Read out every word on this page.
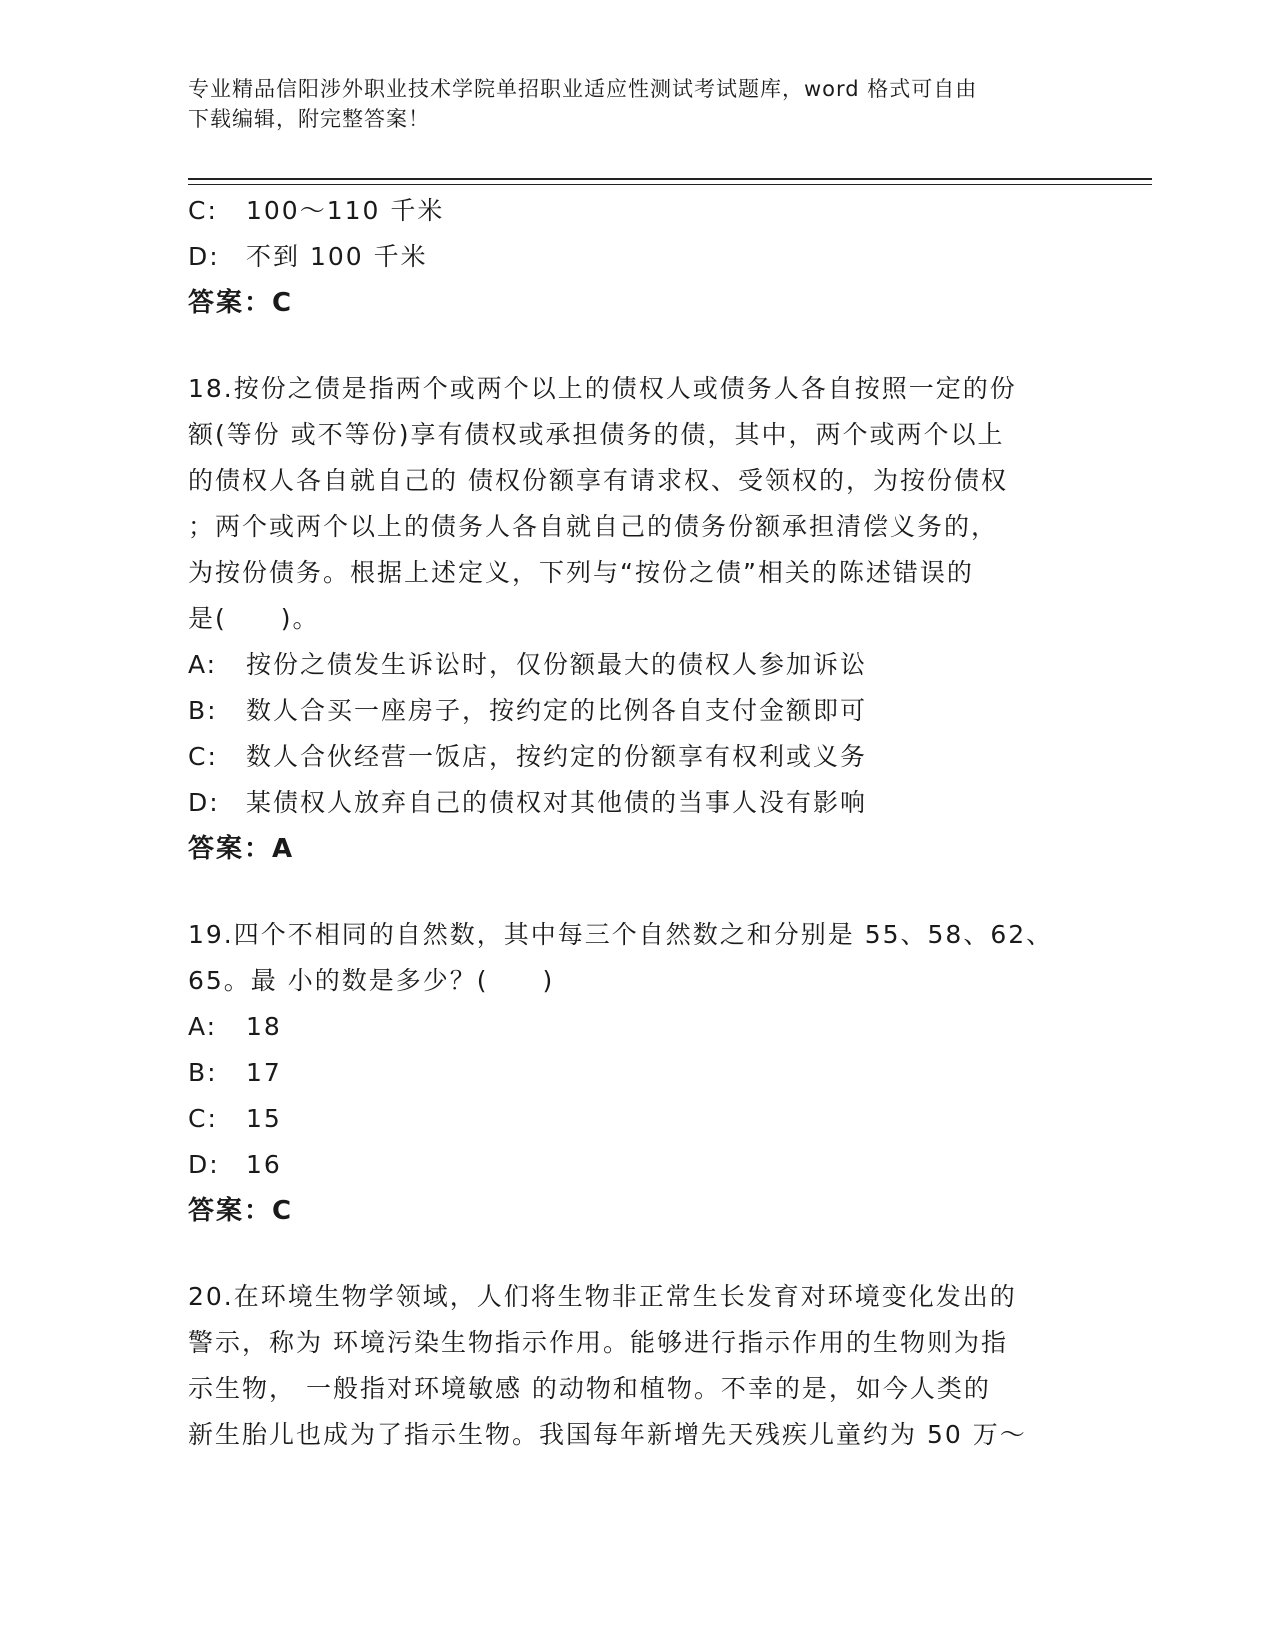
专业精品信阳涉外职业技术学院单招职业适应性测试考试题库，word 格式可自由
下载编辑，附完整答案！
C:	100～110 千米
D:	不到 100 千米
答案：C
18.按份之债是指两个或两个以上的债权人或债务人各自按照一定的份
额(等份 或不等份)享有债权或承担债务的债，其中，两个或两个以上
的债权人各自就自己的 债权份额享有请求权、受领权的，为按份债权
；两个或两个以上的债务人各自就自己的债务份额承担清偿义务的，
为按份债务。根据上述定义，下列与“按份之债”相关的陈述错误的
是(　　)。
A:	按份之债发生诉讼时，仅份额最大的债权人参加诉讼
B:	数人合买一座房子，按约定的比例各自支付金额即可
C:	数人合伙经营一饭店，按约定的份额享有权利或义务
D:	某债权人放弃自己的债权对其他债的当事人没有影响
答案：A
19.四个不相同的自然数，其中每三个自然数之和分别是 55、58、62、
65。最 小的数是多少？(　　)
A:	18
B:	17
C:	15
D:	16
答案：C
20.在环境生物学领域，人们将生物非正常生长发育对环境变化发出的
警示，称为 环境污染生物指示作用。能够进行指示作用的生物则为指
示生物， 一般指对环境敏感 的动物和植物。不幸的是，如今人类的
新生胎儿也成为了指示生物。我国每年新增先天残疾儿童约为 50 万～
